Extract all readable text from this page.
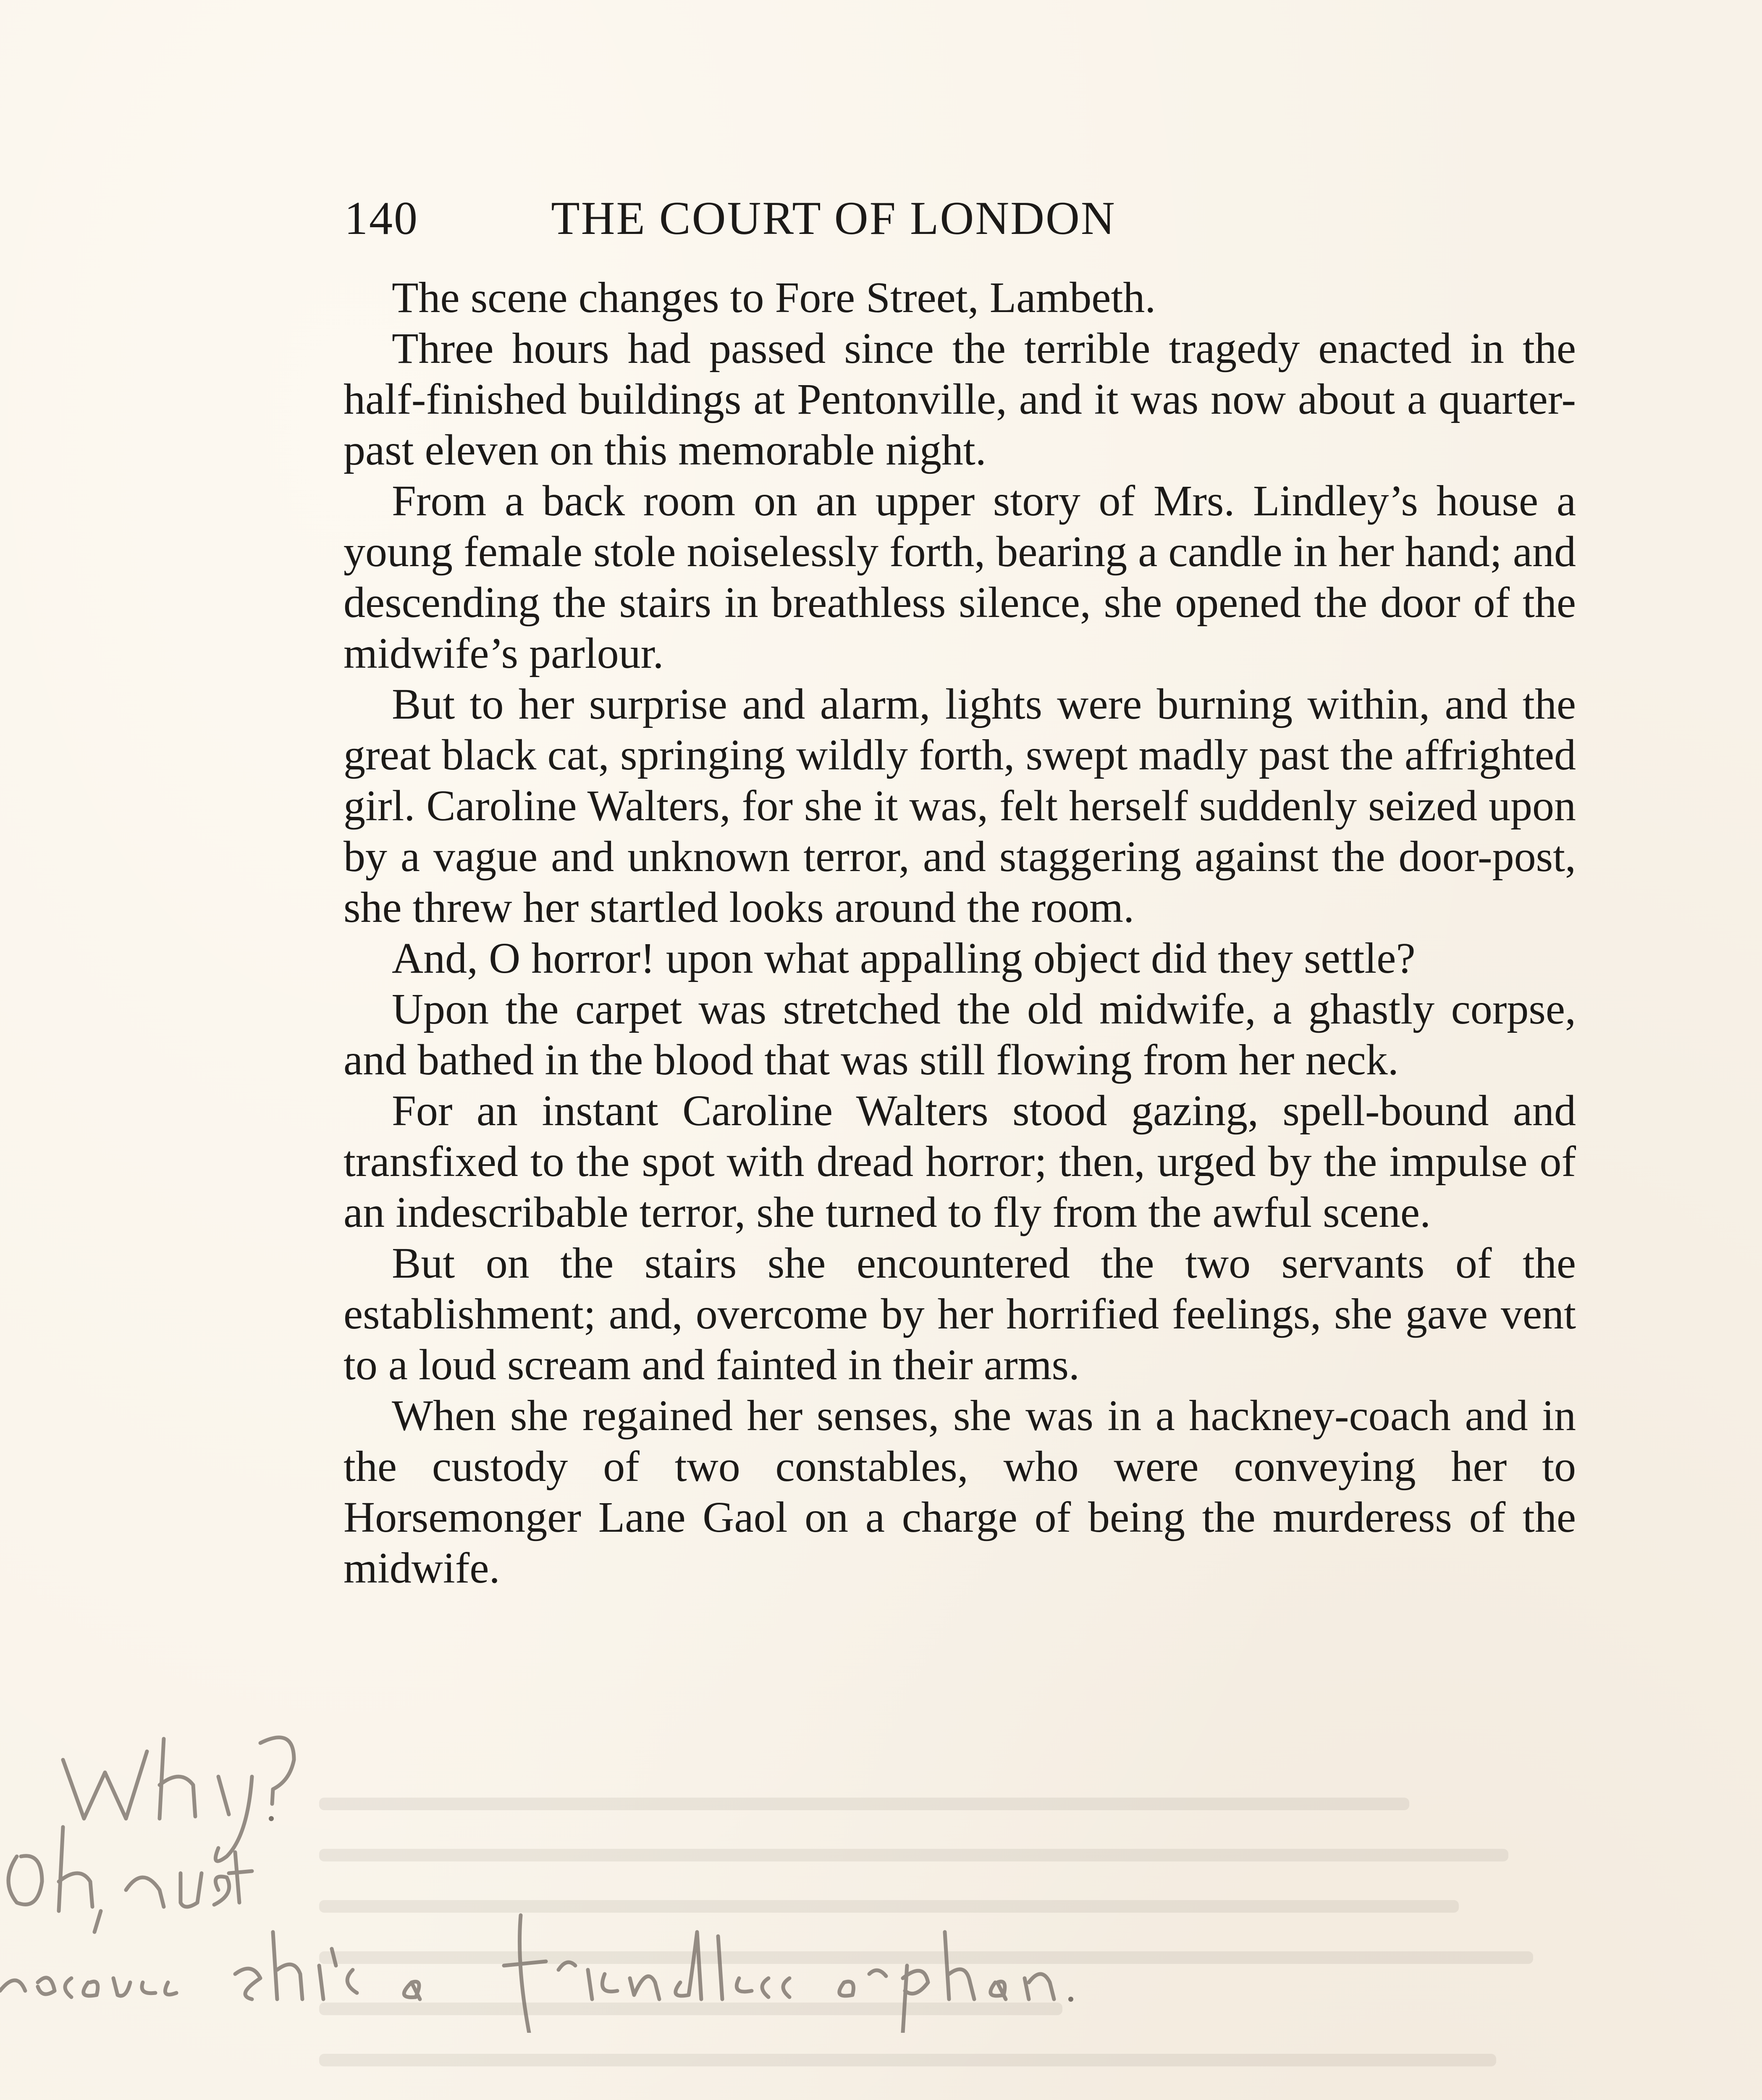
140	THE COURT OF LONDON

The scene changes to Fore Street, Lambeth.

Three hours had passed since the terrible tragedy enacted in the half-finished buildings at Pentonville, and it was now about a quarter-past eleven on this memorable night.

From a back room on an upper story of Mrs. Lindley’s house a young female stole noiselessly forth, bearing a candle in her hand; and descending the stairs in breathless silence, she opened the door of the midwife’s parlour.

But to her surprise and alarm, lights were burning within, and the great black cat, springing wildly forth, swept madly past the affrighted girl. Caroline Walters, for she it was, felt herself suddenly seized upon by a vague and unknown terror, and staggering against the door-post, she threw her startled looks around the room.

And, O horror! upon what appalling object did they settle?

Upon the carpet was stretched the old midwife, a ghastly corpse, and bathed in the blood that was still flowing from her neck.

For an instant Caroline Walters stood gazing, spell-bound and transfixed to the spot with dread horror; then, urged by the impulse of an indescribable terror, she turned to fly from the awful scene.

But on the stairs she encountered the two servants of the establishment; and, overcome by her horrified feelings, she gave vent to a loud scream and fainted in their arms.

When she regained her senses, she was in a hackney-coach and in the custody of two constables, who were conveying her to Horsemonger Lane Gaol on a charge of being the murderess of the midwife.
